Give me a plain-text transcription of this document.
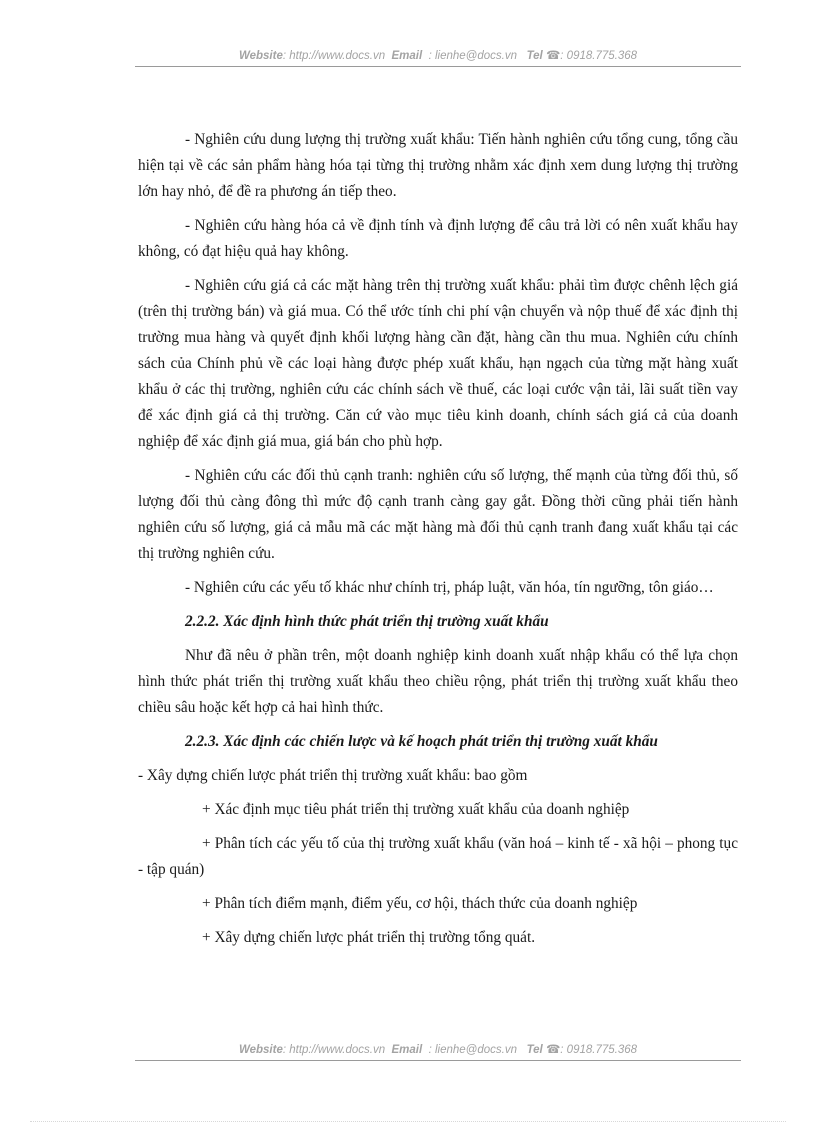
Website: http://www.docs.vn Email : lienhe@docs.vn Tel ☎: 0918.775.368

- Nghiên cứu dung lượng thị trường xuất khẩu: Tiến hành nghiên cứu tổng cung, tổng cầu hiện tại về các sản phẩm hàng hóa tại từng thị trường nhằm xác định xem dung lượng thị trường lớn hay nhỏ, để đề ra phương án tiếp theo.

- Nghiên cứu hàng hóa cả về định tính và định lượng để câu trả lời có nên xuất khẩu hay không, có đạt hiệu quả hay không.

- Nghiên cứu giá cả các mặt hàng trên thị trường xuất khẩu: phải tìm được chênh lệch giá (trên thị trường bán) và giá mua. Có thể ước tính chi phí vận chuyển và nộp thuế để xác định thị trường mua hàng và quyết định khối lượng hàng cần đặt, hàng cần thu mua. Nghiên cứu chính sách của Chính phủ về các loại hàng được phép xuất khẩu, hạn ngạch của từng mặt hàng xuất khẩu ở các thị trường, nghiên cứu các chính sách về thuế, các loại cước vận tải, lãi suất tiền vay để xác định giá cả thị trường. Căn cứ vào mục tiêu kinh doanh, chính sách giá cả của doanh nghiệp để xác định giá mua, giá bán cho phù hợp.

- Nghiên cứu các đối thủ cạnh tranh: nghiên cứu số lượng, thế mạnh của từng đối thủ, số lượng đối thủ càng đông thì mức độ cạnh tranh càng gay gắt. Đồng thời cũng phải tiến hành nghiên cứu số lượng, giá cả mẫu mã các mặt hàng mà đối thủ cạnh tranh đang xuất khẩu tại các thị trường nghiên cứu.

- Nghiên cứu các yếu tố khác như chính trị, pháp luật, văn hóa, tín ngưỡng, tôn giáo…

2.2.2. Xác định hình thức phát triển thị trường xuất khẩu

Như đã nêu ở phần trên, một doanh nghiệp kinh doanh xuất nhập khẩu có thể lựa chọn hình thức phát triển thị trường xuất khẩu theo chiều rộng, phát triển thị trường xuất khẩu theo chiều sâu hoặc kết hợp cả hai hình thức.

2.2.3. Xác định các chiến lược và kế hoạch phát triển thị trường xuất khẩu

- Xây dựng chiến lược phát triển thị trường xuất khẩu: bao gồm

+ Xác định mục tiêu phát triển thị trường xuất khẩu của doanh nghiệp

+ Phân tích các yếu tố của thị trường xuất khẩu (văn hoá – kinh tế - xã hội – phong tục - tập quán)

+ Phân tích điểm mạnh, điểm yếu, cơ hội, thách thức của doanh nghiệp

+ Xây dựng chiến lược phát triển thị trường tổng quát.

Website: http://www.docs.vn Email : lienhe@docs.vn Tel ☎: 0918.775.368
